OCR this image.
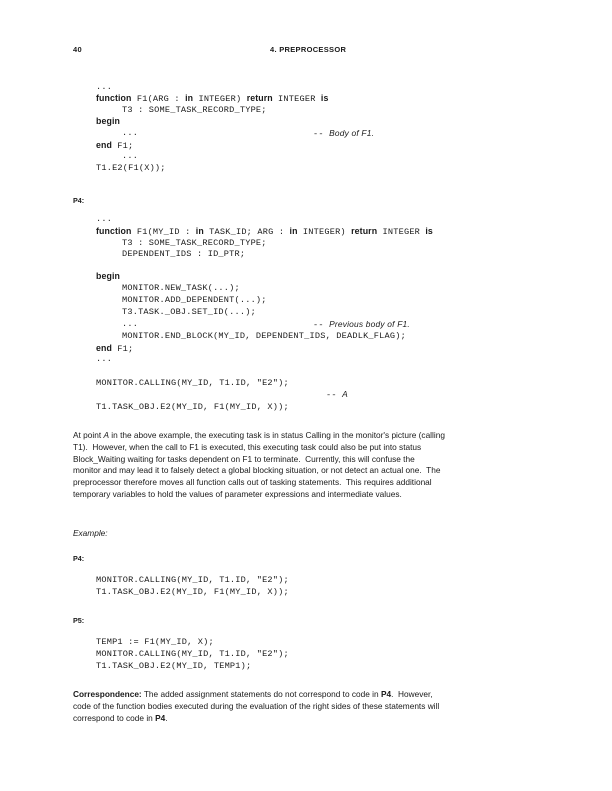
40	4. PREPROCESSOR
...
function F1(ARG : in INTEGER) return INTEGER is
T3 : SOME_TASK_RECORD_TYPE;
begin
...	-- Body of F1.
end F1;
...
T1.E2(F1(X));
P4:
...
function F1(MY_ID : in TASK_ID; ARG : in INTEGER) return INTEGER is
T3 : SOME_TASK_RECORD_TYPE;
DEPENDENT_IDS : ID_PTR;
begin
MONITOR.NEW_TASK(...);
MONITOR.ADD_DEPENDENT(...);
T3.TASK._OBJ.SET_ID(...);
...	-- Previous body of F1.
MONITOR.END_BLOCK(MY_ID, DEPENDENT_IDS, DEADLK_FLAG);
end F1;
...
MONITOR.CALLING(MY_ID, T1.ID, "E2");
-- A
T1.TASK_OBJ.E2(MY_ID, F1(MY_ID, X));
At point A in the above example, the executing task is in status Calling in the monitor's picture (calling
T1).  However, when the call to F1 is executed, this executing task could also be put into status
Block_Waiting waiting for tasks dependent on F1 to terminate.  Currently, this will confuse the
monitor and may lead it to falsely detect a global blocking situation, or not detect an actual one.  The
preprocessor therefore moves all function calls out of tasking statements.  This requires additional
temporary variables to hold the values of parameter expressions and intermediate values.
Example:
P4:
MONITOR.CALLING(MY_ID, T1.ID, "E2");
T1.TASK_OBJ.E2(MY_ID, F1(MY_ID, X));
P5:
TEMP1 := F1(MY_ID, X);
MONITOR.CALLING(MY_ID, T1.ID, "E2");
T1.TASK_OBJ.E2(MY_ID, TEMP1);
Correspondence: The added assignment statements do not correspond to code in P4.  However,
code of the function bodies executed during the evaluation of the right sides of these statements will
correspond to code in P4.
